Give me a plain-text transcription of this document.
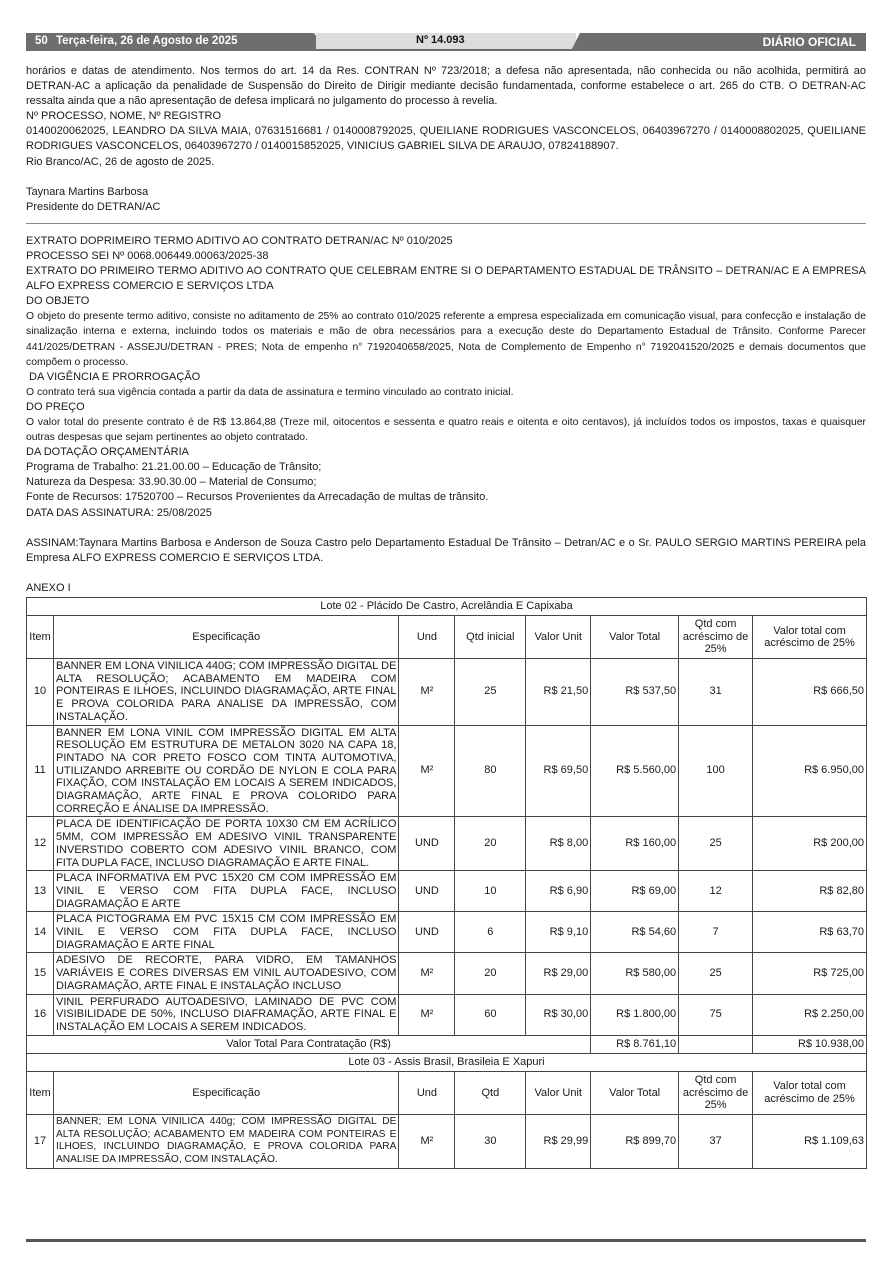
50 Terça-feira, 26 de Agosto de 2025	Nº 14.093	DIÁRIO OFICIAL

horários e datas de atendimento. Nos termos do art. 14 da Res. CONTRAN Nº 723/2018; a defesa não apresentada, não conhecida ou não acolhida, permitirá ao DETRAN-AC a aplicação da penalidade de Suspensão do Direito de Dirigir mediante decisão fundamentada, conforme estabelece o art. 265 do CTB. O DETRAN-AC ressalta ainda que a não apresentação de defesa implicará no julgamento do processo à revelia.

Nº PROCESSO, NOME, Nº REGISTRO

0140020062025, LEANDRO DA SILVA MAIA, 07631516681 / 0140008792025, QUEILIANE RODRIGUES VASCONCELOS, 06403967270 / 0140008802025, QUEILIANE RODRIGUES VASCONCELOS, 06403967270 / 0140015852025, VINICIUS GABRIEL SILVA DE ARAUJO, 07824188907.

Rio Branco/AC, 26 de agosto de 2025.

Taynara Martins Barbosa

Presidente do DETRAN/AC

EXTRATO DOPRIMEIRO TERMO ADITIVO AO CONTRATO DETRAN/AC Nº 010/2025

PROCESSO SEI Nº 0068.006449.00063/2025-38

EXTRATO DO PRIMEIRO TERMO ADITIVO AO CONTRATO QUE CELEBRAM ENTRE SI O DEPARTAMENTO ESTADUAL DE TRÂNSITO – DETRAN/AC E A EMPRESA ALFO EXPRESS COMERCIO E SERVIÇOS LTDA

DO OBJETO

O objeto do presente termo aditivo, consiste no aditamento de 25% ao contrato 010/2025 referente a empresa especializada em comunicação visual, para confecção e instalação de sinalização interna e externa, incluindo todos os materiais e mão de obra necessários para a execução deste do Departamento Estadual de Trânsito. Conforme Parecer 441/2025/DETRAN - ASSEJU/DETRAN - PRES; Nota de empenho n° 7192040658/2025, Nota de Complemento de Empenho n° 7192041520/2025 e demais documentos que compõem o processo.

DA VIGÊNCIA E PRORROGAÇÃO

O contrato terá sua vigência contada a partir da data de assinatura e termino vinculado ao contrato inicial.

DO PREÇO

O valor total do presente contrato é de R$ 13.864,88 (Treze mil, oitocentos e sessenta e quatro reais e oitenta e oito centavos), já incluídos todos os impostos, taxas e quaisquer outras despesas que sejam pertinentes ao objeto contratado.

DA DOTAÇÃO ORÇAMENTÁRIA

Programa de Trabalho: 21.21.00.00 – Educação de Trânsito;

Natureza da Despesa: 33.90.30.00 – Material de Consumo;

Fonte de Recursos: 17520700 – Recursos Provenientes da Arrecadação de multas de trânsito.

DATA DAS ASSINATURA: 25/08/2025

ASSINAM:Taynara Martins Barbosa e Anderson de Souza Castro pelo Departamento Estadual De Trânsito – Detran/AC e o Sr. PAULO SERGIO MARTINS PEREIRA pela Empresa ALFO EXPRESS COMERCIO E SERVIÇOS LTDA.

ANEXO I

Lote 02 - Plácido De Castro, Acrelândia E Capixaba							
Item	Especificação	Und	Qtd inicial	Valor Unit	Valor Total	Qtd com acréscimo de 25%	Valor total com acréscimo de 25%
10	BANNER EM LONA VINILICA 440G; COM IMPRESSÃO DIGITAL DE ALTA RESOLUÇÃO; ACABAMENTO EM MADEIRA COM PONTEIRAS E ILHOES, INCLUINDO DIAGRAMAÇÃO, ARTE FINAL E PROVA COLORIDA PARA ANALISE DA IMPRESSÃO, COM INSTALAÇÃO.	M²	25	R$ 21,50	R$ 537,50	31	R$ 666,50
11	BANNER EM LONA VINIL COM IMPRESSÃO DIGITAL EM ALTA RESOLUÇÃO EM ESTRUTURA DE METALON 3020 NA CAPA 18, PINTADO NA COR PRETO FOSCO COM TINTA AUTOMOTIVA, UTILIZANDO ARREBITE OU CORDÃO DE NYLON E COLA PARA FIXAÇÃO, COM INSTALAÇÃO EM LOCAIS A SEREM INDICADOS, DIAGRAMAÇÃO, ARTE FINAL E PROVA COLORIDO PARA CORREÇÃO E ÁNALISE DA IMPRESSÃO.	M²	80	R$ 69,50	R$ 5.560,00	100	R$ 6.950,00
12	PLACA DE IDENTIFICAÇÃO DE PORTA 10X30 CM EM ACRÍLICO 5MM, COM IMPRESSÃO EM ADESIVO VINIL TRANSPARENTE INVERSTIDO COBERTO COM ADESIVO VINIL BRANCO, COM FITA DUPLA FACE, INCLUSO DIAGRAMAÇÃO E ARTE FINAL.	UND	20	R$ 8,00	R$ 160,00	25	R$ 200,00
13	PLACA INFORMATIVA EM PVC 15X20 CM COM IMPRESSÃO EM VINIL E VERSO COM FITA DUPLA FACE, INCLUSO DIAGRAMAÇÃO E ARTE	UND	10	R$ 6,90	R$ 69,00	12	R$ 82,80
14	PLACA PICTOGRAMA EM PVC 15X15 CM COM IMPRESSÃO EM VINIL E VERSO COM FITA DUPLA FACE, INCLUSO DIAGRAMAÇÃO E ARTE FINAL	UND	6	R$ 9,10	R$ 54,60	7	R$ 63,70
15	ADESIVO DE RECORTE, PARA VIDRO, EM TAMANHOS VARIÁVEIS E CORES DIVERSAS EM VINIL AUTOADESIVO, COM DIAGRAMAÇÃO, ARTE FINAL E INSTALAÇÃO INCLUSO	M²	20	R$ 29,00	R$ 580,00	25	R$ 725,00
16	VINIL PERFURADO AUTOADESIVO, LAMINADO DE PVC COM VISIBILIDADE DE 50%, INCLUSO DIAFRAMAÇÃO, ARTE FINAL E INSTALAÇÃO EM LOCAIS A SEREM INDICADOS.	M²	60	R$ 30,00	R$ 1.800,00	75	R$ 2.250,00
Valor Total Para Contratação (R$)					R$ 8.761,10		R$ 10.938,00
Lote 03 - Assis Brasil, Brasileia E Xapuri							
Item	Especificação	Und	Qtd	Valor Unit	Valor Total	Qtd com acréscimo de 25%	Valor total com acréscimo de 25%
17	BANNER; EM LONA VINILICA 440g; COM IMPRESSÃO DIGITAL DE ALTA RESOLUÇÃO; ACABAMENTO EM MADEIRA COM PONTEIRAS E ILHOES, INCLUINDO DIAGRAMAÇÃO, E PROVA COLORIDA PARA ANALISE DA IMPRESSÃO, COM INSTALAÇÃO.	M²	30	R$ 29,99	R$ 899,70	37	R$ 1.109,63
